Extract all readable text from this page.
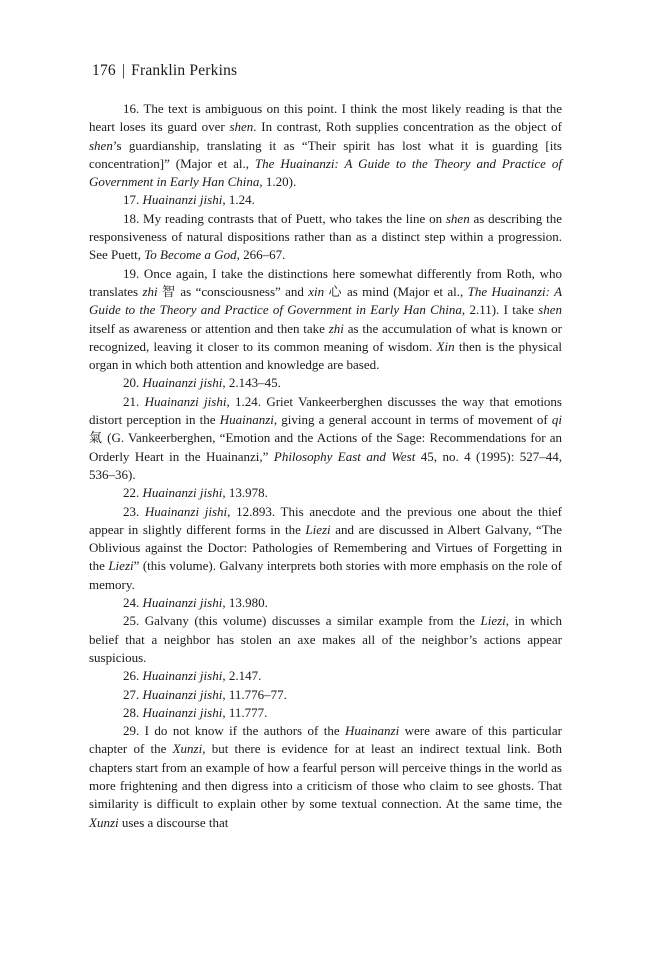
176 | Franklin Perkins

16. The text is ambiguous on this point. I think the most likely reading is that the heart loses its guard over shen. In contrast, Roth supplies concentration as the object of shen’s guardianship, translating it as “Their spirit has lost what it is guarding [its concentration]” (Major et al., The Huainanzi: A Guide to the Theory and Practice of Government in Early Han China, 1.20).

17. Huainanzi jishi, 1.24.

18. My reading contrasts that of Puett, who takes the line on shen as describing the responsiveness of natural dispositions rather than as a distinct step within a progression. See Puett, To Become a God, 266–67.

19. Once again, I take the distinctions here somewhat differently from Roth, who translates zhi 智 as “consciousness” and xin 心 as mind (Major et al., The Huainanzi: A Guide to the Theory and Practice of Government in Early Han China, 2.11). I take shen itself as awareness or attention and then take zhi as the accumulation of what is known or recognized, leaving it closer to its common meaning of wisdom. Xin then is the physical organ in which both attention and knowledge are based.

20. Huainanzi jishi, 2.143–45.

21. Huainanzi jishi, 1.24. Griet Vankeerberghen discusses the way that emotions distort perception in the Huainanzi, giving a general account in terms of movement of qi 氣 (G. Vankeerberghen, “Emotion and the Actions of the Sage: Recommendations for an Orderly Heart in the Huainanzi,” Philosophy East and West 45, no. 4 (1995): 527–44, 536–36).

22. Huainanzi jishi, 13.978.

23. Huainanzi jishi, 12.893. This anecdote and the previous one about the thief appear in slightly different forms in the Liezi and are discussed in Albert Galvany, “The Oblivious against the Doctor: Pathologies of Remembering and Virtues of Forgetting in the Liezi” (this volume). Galvany interprets both stories with more emphasis on the role of memory.

24. Huainanzi jishi, 13.980.

25. Galvany (this volume) discusses a similar example from the Liezi, in which belief that a neighbor has stolen an axe makes all of the neighbor’s actions appear suspicious.

26. Huainanzi jishi, 2.147.

27. Huainanzi jishi, 11.776–77.

28. Huainanzi jishi, 11.777.

29. I do not know if the authors of the Huainanzi were aware of this particular chapter of the Xunzi, but there is evidence for at least an indirect textual link. Both chapters start from an example of how a fearful person will perceive things in the world as more frightening and then digress into a criticism of those who claim to see ghosts. That similarity is difficult to explain other by some textual connection. At the same time, the Xunzi uses a discourse that
